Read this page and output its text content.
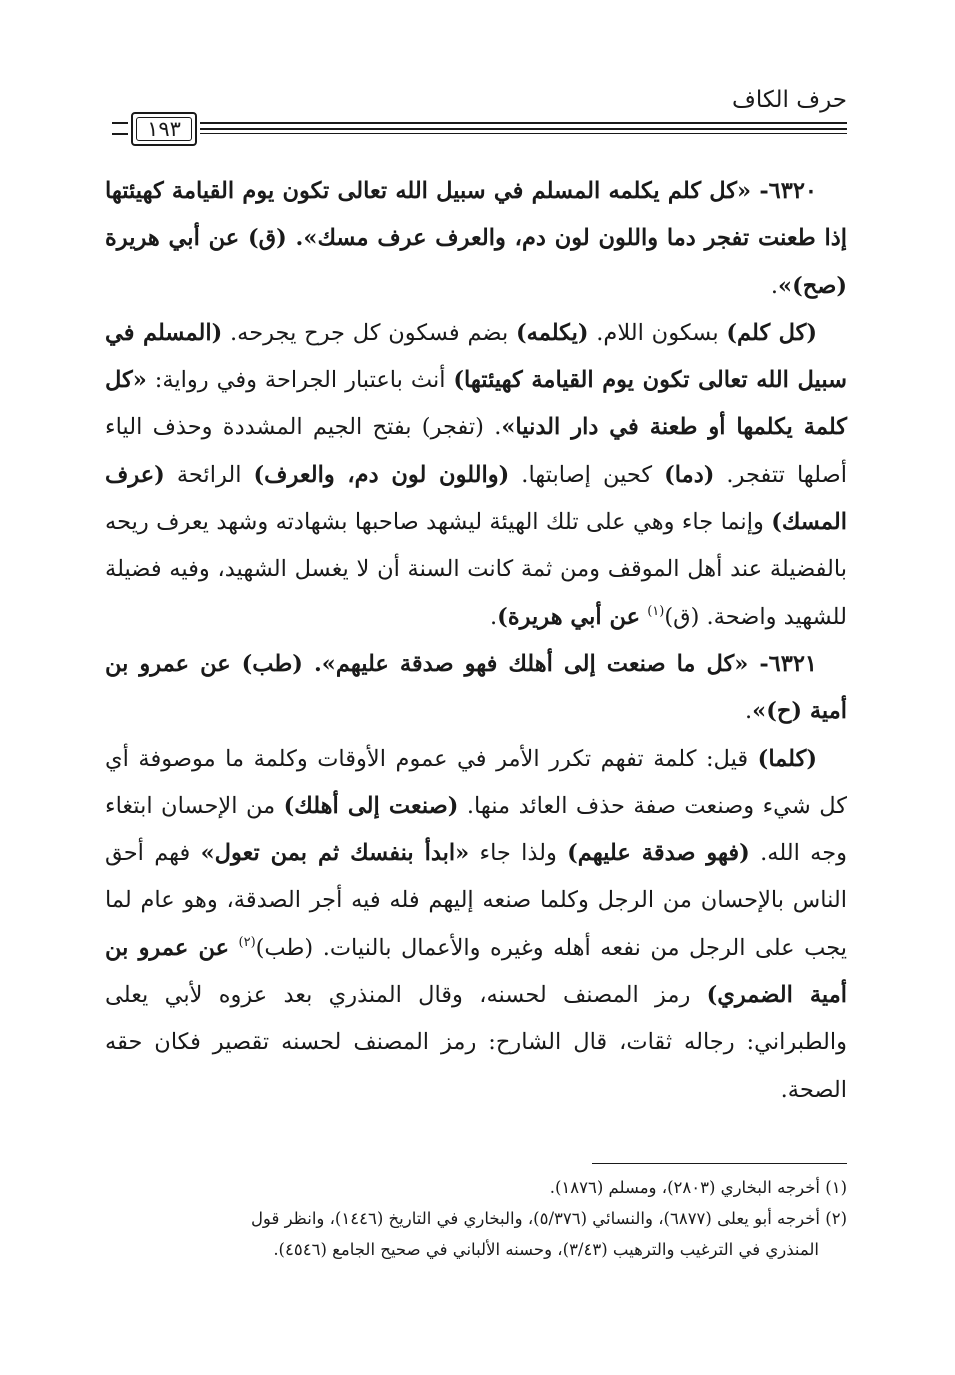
حرف الكاف
١٩٣

٦٣٢٠- «كل كلم يكلمه المسلم في سبيل الله تعالى تكون يوم القيامة كهيئتها إذا طعنت تفجر دما واللون لون دم، والعرف عرف مسك». (ق) عن أبي هريرة (صح)».

(كل كلم) بسكون اللام. (يكلمه) بضم فسكون كل جرح يجرحه. (المسلم في سبيل الله تعالى تكون يوم القيامة كهيئتها) أنث باعتبار الجراحة وفي رواية: «كل كلمة يكلمها أو طعنة في دار الدنيا». (تفجر) بفتح الجيم المشددة وحذف الياء أصلها تتفجر. (دما) كحين إصابتها. (واللون لون دم، والعرف) الرائحة (عرف المسك) وإنما جاء وهي على تلك الهيئة ليشهد صاحبها بشهادته وشهد يعرف ريحه بالفضيلة عند أهل الموقف ومن ثمة كانت السنة أن لا يغسل الشهيد، وفيه فضيلة للشهيد واضحة. (ق)$^{(١)}$ عن أبي هريرة).

٦٣٢١- «كل ما صنعت إلى أهلك فهو صدقة عليهم». (طب) عن عمرو بن أمية (ح)».

(كلما) قيل: كلمة تفهم تكرر الأمر في عموم الأوقات وكلمة ما موصوفة أي كل شيء وصنعت صفة حذف العائد منها. (صنعت إلى أهلك) من الإحسان ابتغاء وجه الله. (فهو صدقة عليهم) ولذا جاء «ابدأ بنفسك ثم بمن تعول» فهم أحق الناس بالإحسان من الرجل وكلما صنعه إليهم فله فيه أجر الصدقة، وهو عام لما يجب على الرجل من نفعه أهله وغيره والأعمال بالنيات. (طب)$^{(٢)}$ عن عمرو بن أمية الضمري) رمز المصنف لحسنه، وقال المنذري بعد عزوه لأبي يعلى والطبراني: رجاله ثقات، قال الشارح: رمز المصنف لحسنه تقصير فكان حقه الصحة.

(١) أخرجه البخاري (٢٨٠٣)، ومسلم (١٨٧٦).

(٢) أخرجه أبو يعلى (٦٨٧٧)، والنسائي (٥/٣٧٦)، والبخاري في التاريخ (١٤٤٦)، وانظر قول

المنذري في الترغيب والترهيب (٣/٤٣)، وحسنه الألباني في صحيح الجامع (٤٥٤٦).
